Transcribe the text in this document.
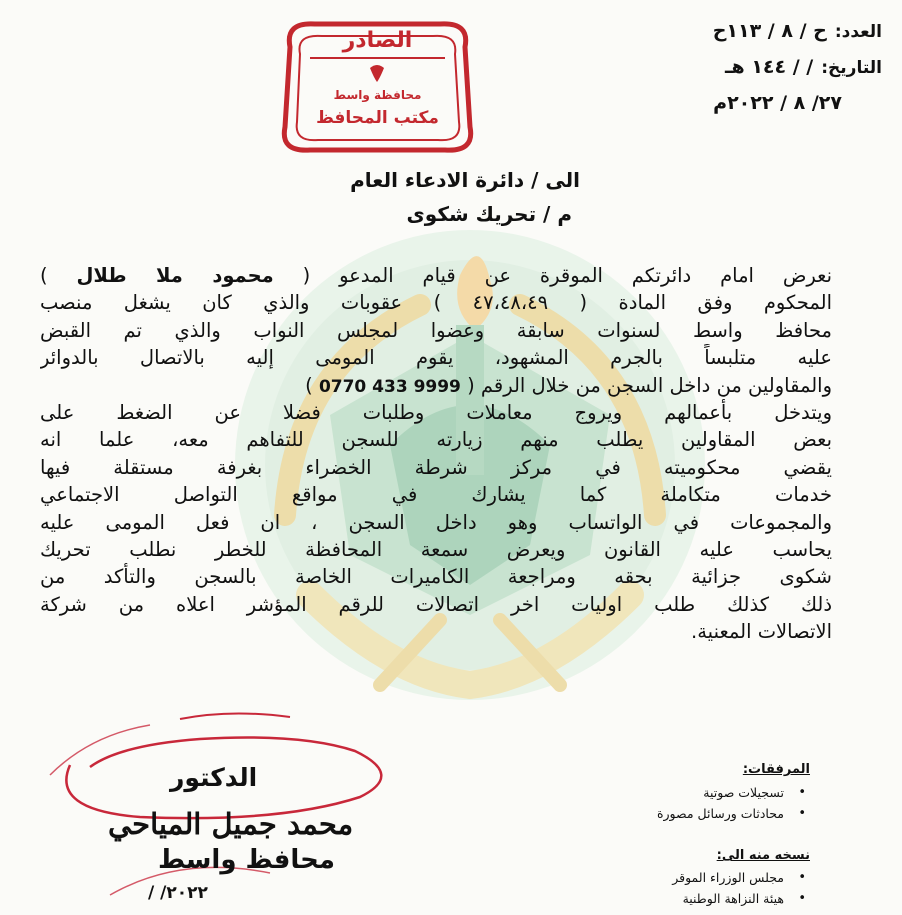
العدد:ح / ٨ / ١١٣ح
التاريخ:/ / ١٤٤ هـ
٢٧/ ٨ / ٢٠٢٢م
الصادر
محافظة واسط
مكتب المحافظ
الى / دائرة الادعاء العام
م / تحريك شكوى
نعرض امام دائرتكم الموقرة عن قيام المدعو ( محمود ملا طلال )
المحكوم وفق المادة ( ٤٧،٤٨،٤٩ ) عقوبات والذي كان يشغل منصب
محافظ واسط لسنوات سابقة وعضوا لمجلس النواب والذي تم القبض
عليه متلبساً بالجرم المشهود، يقوم المومى إليه بالاتصال بالدوائر
والمقاولين من داخل السجن من خلال الرقم ( 0770 433 9999 )
ويتدخل بأعمالهم ويروج معاملات وطلبات فضلا عن الضغط على
بعض المقاولين يطلب منهم زيارته للسجن للتفاهم معه، علما انه
يقضي محكوميته في مركز شرطة الخضراء بغرفة مستقلة فيها
خدمات متكاملة كما يشارك في مواقع التواصل الاجتماعي
والمجموعات في الواتساب وهو داخل السجن ، ان فعل المومى عليه
يحاسب عليه القانون ويعرض سمعة المحافظة للخطر نطلب تحريك
شكوى جزائية بحقه ومراجعة الكاميرات الخاصة بالسجن والتأكد من
ذلك كذلك طلب اوليات اخر اتصالات للرقم المؤشر اعلاه من شركة
الاتصالات المعنية.
الدكتور
محمد جميل المياحي
محافظ واسط
/ /٢٠٢٢
المرفقات:
• تسجيلات صوتية
• محادثات ورسائل مصورة
نسخه منه الى:
• مجلس الوزراء الموقر
• هيئة النزاهة الوطنية
